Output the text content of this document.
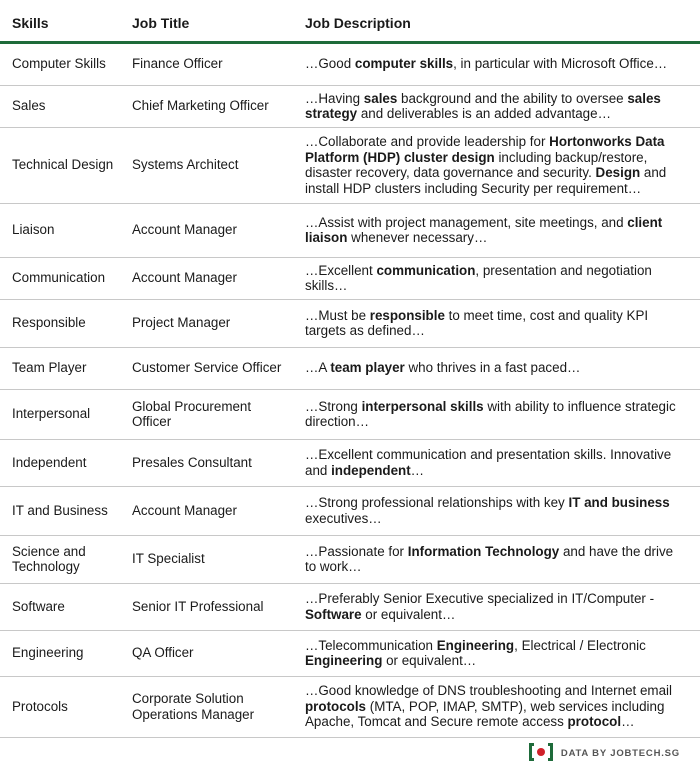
Skills	Job Title	Job Description
Computer Skills	Finance Officer	…Good computer skills, in particular with Microsoft Office…
Sales	Chief Marketing Officer	…Having sales background and the ability to oversee sales strategy and deliverables is an added advantage…
Technical Design	Systems Architect	…Collaborate and provide leadership for Hortonworks Data Platform (HDP) cluster design including backup/restore, disaster recovery, data governance and security. Design and install HDP clusters including Security per requirement…
Liaison	Account Manager	…Assist with project management, site meetings, and client liaison whenever necessary…
Communication	Account Manager	…Excellent communication, presentation and negotiation skills…
Responsible	Project Manager	…Must be responsible to meet time, cost and quality KPI targets as defined…
Team Player	Customer Service Officer	…A team player who thrives in a fast paced…
Interpersonal	Global Procurement Officer	…Strong interpersonal skills with ability to influence strategic direction…
Independent	Presales Consultant	…Excellent communication and presentation skills. Innovative and independent…
IT and Business	Account Manager	…Strong professional relationships with key IT and business executives…
Science and Technology	IT Specialist	…Passionate for Information Technology and have the drive to work…
Software	Senior IT Professional	…Preferably Senior Executive specialized in IT/Computer - Software or equivalent…
Engineering	QA Officer	…Telecommunication Engineering, Electrical / Electronic Engineering or equivalent…
Protocols	Corporate Solution Operations Manager	…Good knowledge of DNS troubleshooting and Internet email protocols (MTA, POP, IMAP, SMTP), web services including Apache, Tomcat and Secure remote access protocol…
DATA BY JOBTECH.SG
